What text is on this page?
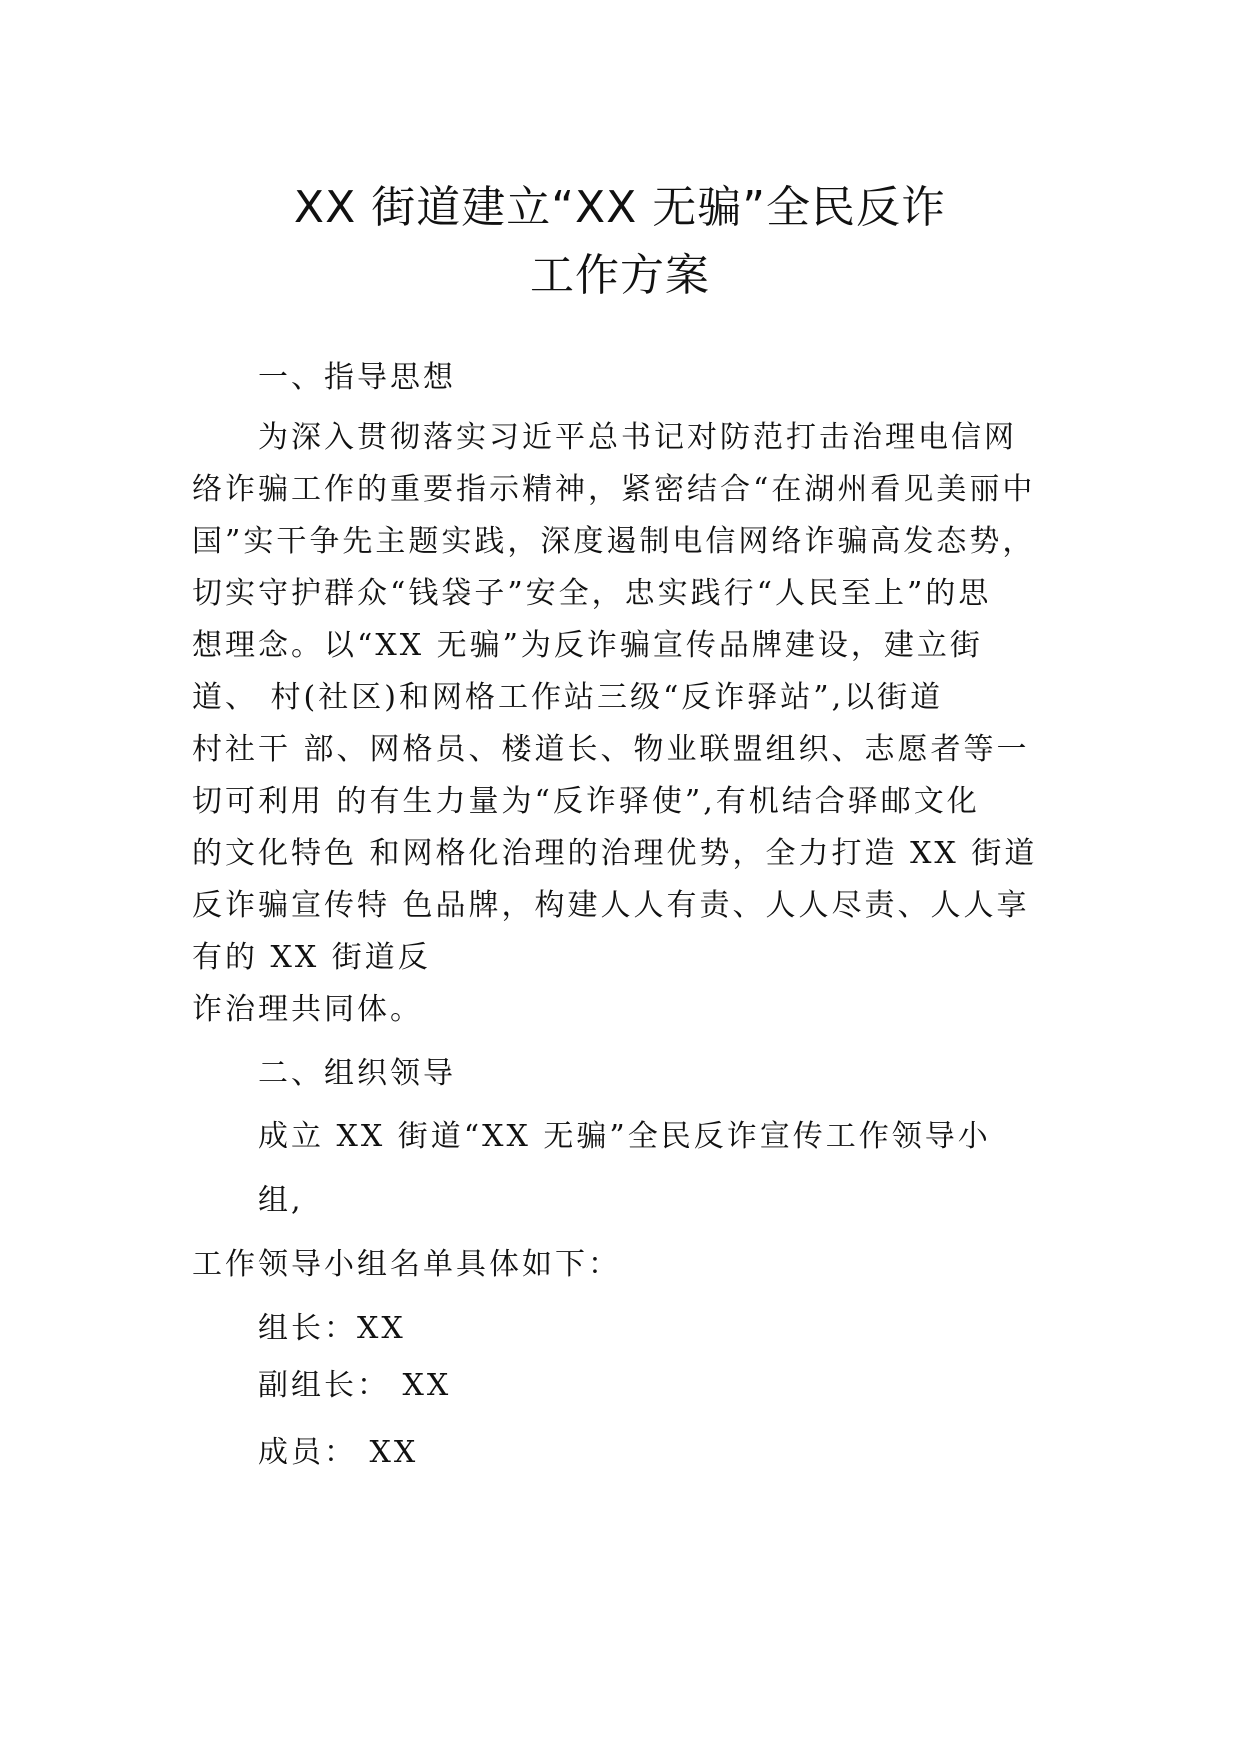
XX 街道建立“XX 无骗”全民反诈
工作方案

一、指导思想

为深入贯彻落实习近平总书记对防范打击治理电信网

络诈骗工作的重要指示精神，紧密结合“在湖州看见美丽中

国”实干争先主题实践，深度遏制电信网络诈骗高发态势，

切实守护群众“钱袋子”安全，忠实践行“人民至上”的思

想理念。以“XX 无骗”为反诈骗宣传品牌建设，建立街

道、 村(社区)和网格工作站三级“反诈驿站”,以街道

村社干 部、网格员、楼道长、物业联盟组织、志愿者等一

切可利用 的有生力量为“反诈驿使”,有机结合驿邮文化

的文化特色 和网格化治理的治理优势，全力打造 XX 街道

反诈骗宣传特 色品牌，构建人人有责、人人尽责、人人享

有的 XX 街道反

诈治理共同体。

二、组织领导

成立 XX 街道“XX 无骗”全民反诈宣传工作领导小

组,

工作领导小组名单具体如下：

组长：XX

副组长： XX

成员： XX
